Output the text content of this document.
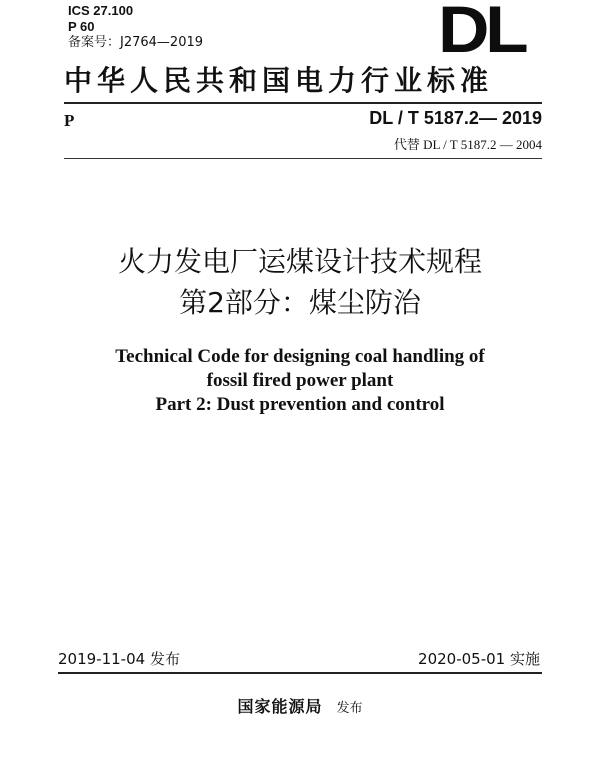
ICS 27.100
P 60
备案号：J2764—2019	DL
中华人民共和国电力行业标准
P	DL / T 5187.2— 2019
代替 DL / T 5187.2 — 2004
火力发电厂运煤设计技术规程
第2部分：煤尘防治
Technical Code for designing coal handling of
fossil fired power plant
Part 2: Dust prevention and control
2019-11-04 发布	2020-05-01 实施
国家能源局 发布
